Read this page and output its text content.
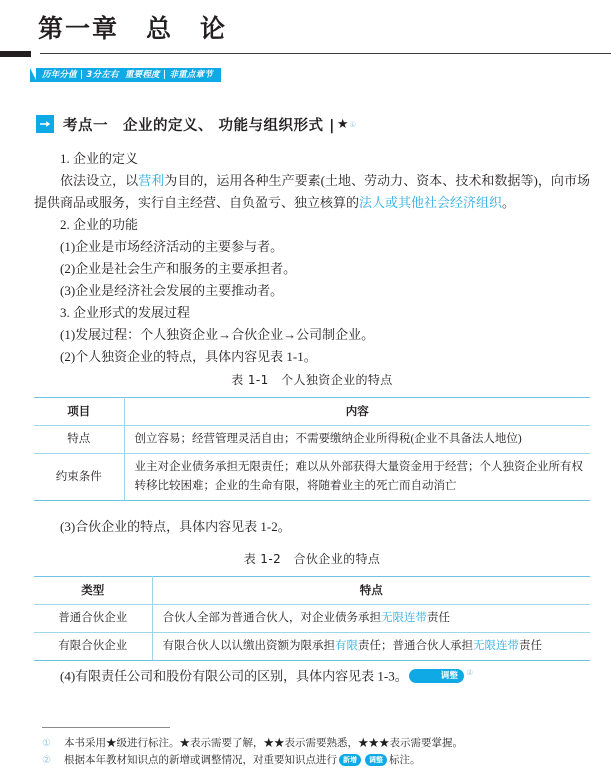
第一章　总　论
历年分值 | 3分左右  重要程度 | 非重点章节
考点一　企业的定义、 功能与组织形式 | ★ ①
1. 企业的定义
依法设立，以营利为目的，运用各种生产要素(土地、劳动力、资本、技术和数据等)，向市场提供商品或服务，实行自主经营、自负盈亏、独立核算的法人或其他社会经济组织。
2. 企业的功能
(1)企业是市场经济活动的主要参与者。
(2)企业是社会生产和服务的主要承担者。
(3)企业是经济社会发展的主要推动者。
3. 企业形式的发展过程
(1)发展过程：个人独资企业→合伙企业→公司制企业。
(2)个人独资企业的特点，具体内容见表 1-1。
表 1-1　个人独资企业的特点
项目	内容
特点	创立容易；经营管理灵活自由；不需要缴纳企业所得税(企业不具备法人地位)
约束条件	业主对企业债务承担无限责任；难以从外部获得大量资金用于经营；个人独资企业所有权转移比较困难；企业的生命有限，将随着业主的死亡而自动消亡
(3)合伙企业的特点，具体内容见表 1-2。
表 1-2　合伙企业的特点
类型	特点
普通合伙企业	合伙人全部为普通合伙人，对企业债务承担无限连带责任
有限合伙企业	有限合伙人以认缴出资额为限承担有限责任；普通合伙人承担无限连带责任
(4)有限责任公司和股份有限公司的区别，具体内容见表 1-3。	调整 ②
①	本书采用★级进行标注。★表示需要了解，★★表示需要熟悉，★★★表示需要掌握。
②	根据本年教材知识点的新增或调整情况，对重要知识点进行 新增 调整 标注。
